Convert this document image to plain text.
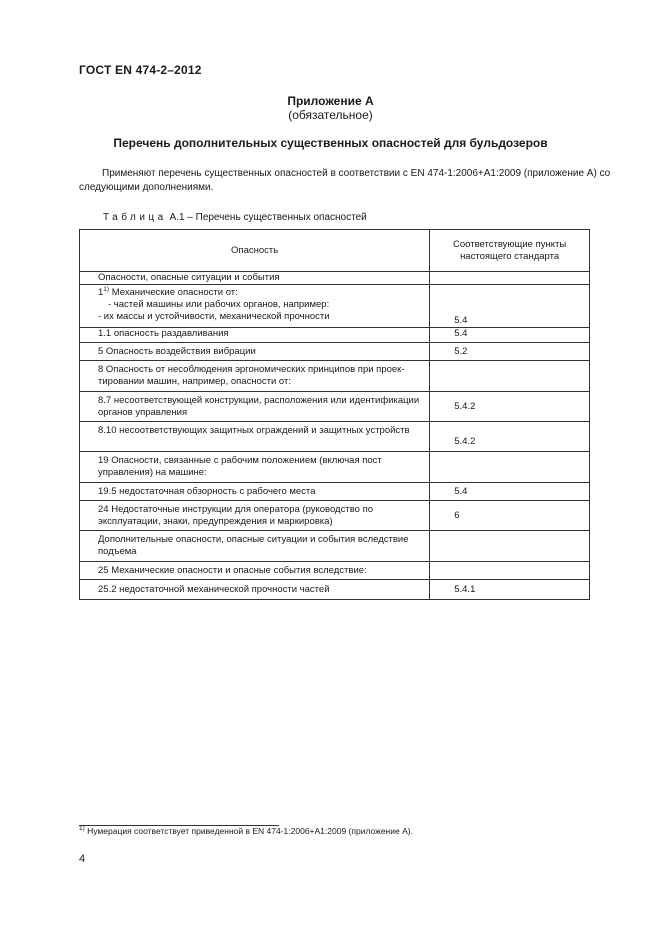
ГОСТ EN 474-2–2012
Приложение А
(обязательное)
Перечень дополнительных существенных опасностей для бульдозеров
Применяют перечень существенных опасностей в соответствии с EN 474-1:2006+A1:2009 (приложение А) со следующими дополнениями.
Таблица А.1 – Перечень существенных опасностей
Опасность	Соответствующие пункты настоящего стандарта
Опасности, опасные ситуации и события	

1$^{1)}$ Механические опасности от:
- частей машины или рабочих органов, например:
- их массы и устойчивости, механической прочности	5.4
1.1 опасность раздавливания	5.4
5 Опасность воздействия вибрации	5.2
8 Опасность от несоблюдения эргономических принципов при проек-тировании машин, например, опасности от:	
8.7 несоответствующей конструкции, расположения или идентификации органов управления	5.4.2
8.10 несоответствующих защитных ограждений и защитных устройств	5.4.2
19 Опасности, связанные с рабочим положением (включая пост управления) на машине:	
19.5 недостаточная обзорность с рабочего места	5.4
24 Недостаточные инструкции для оператора (руководство по эксплуатации, знаки, предупреждения и маркировка)	6
Дополнительные опасности, опасные ситуации и события вследствие подъема	
25 Механические опасности и опасные события вследствие:	
25.2 недостаточной механической прочности частей	5.4.1
$^{1)}$ Нумерация соответствует приведенной в EN 474-1:2006+A1:2009 (приложение А).
4
